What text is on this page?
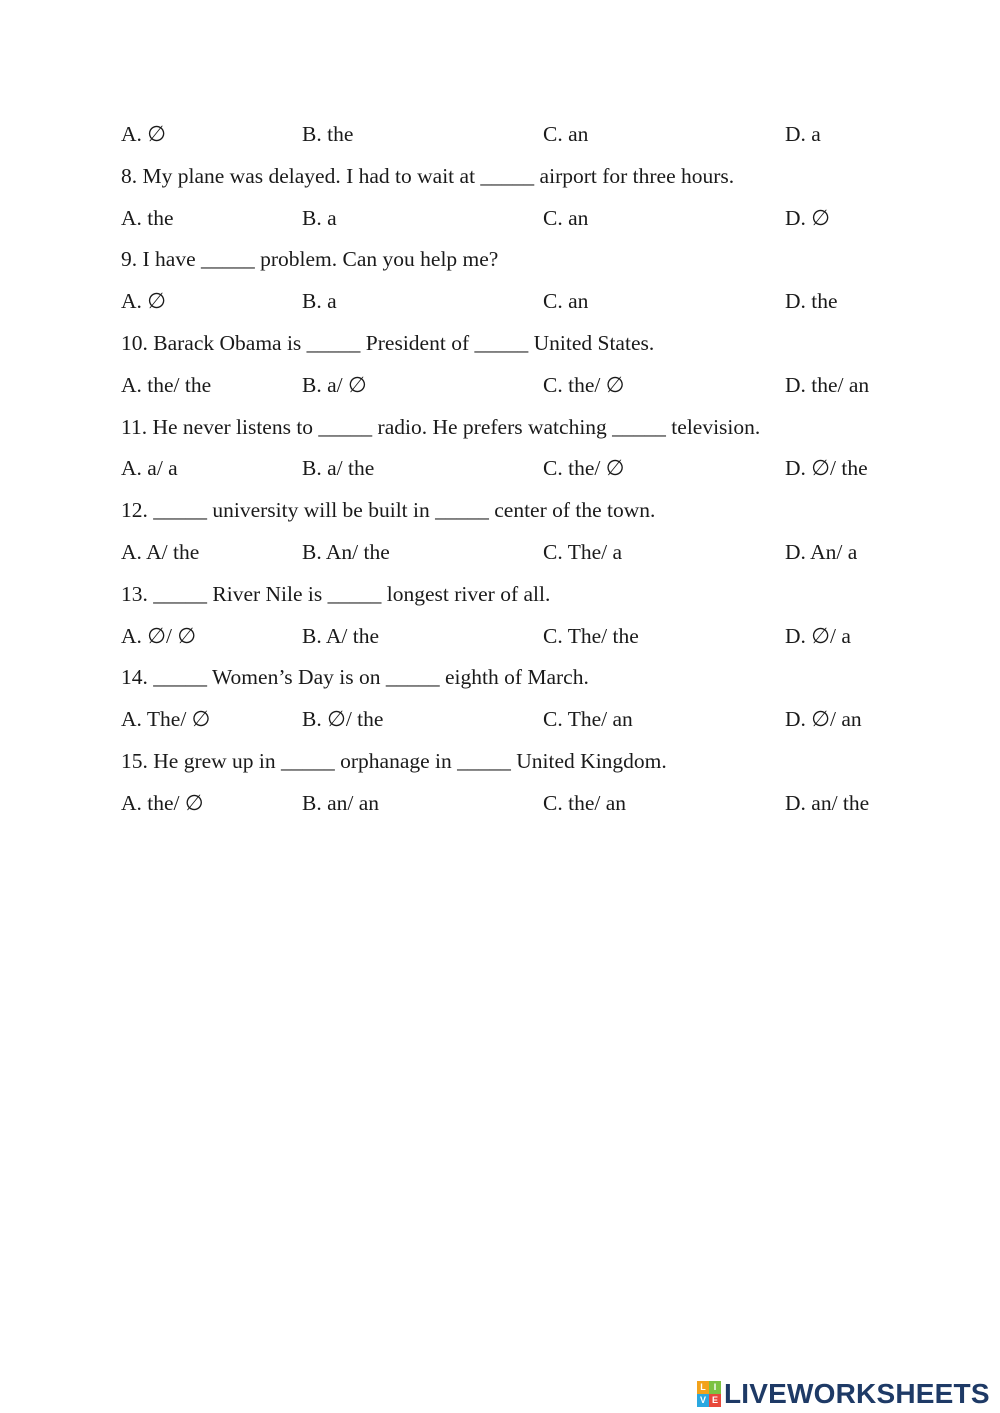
A. ∅	B. the	C. an	D. a
8. My plane was delayed. I had to wait at _____ airport for three hours.
A. the	B. a	C. an	D. ∅
9. I have _____ problem. Can you help me?
A. ∅	B. a	C. an	D. the
10. Barack Obama is _____ President of _____ United States.
A. the/ the	B. a/ ∅	C. the/ ∅	D. the/ an
11. He never listens to _____ radio. He prefers watching _____ television.
A. a/ a	B. a/ the	C. the/ ∅	D. ∅/ the
12. _____ university will be built in _____ center of the town.
A. A/ the	B. An/ the	C. The/ a	D. An/ a
13. _____ River Nile is _____ longest river of all.
A. ∅/ ∅	B. A/ the	C. The/ the	D. ∅/ a
14. _____ Women’s Day is on _____ eighth of March.
A. The/ ∅	B. ∅/ the	C. The/ an	D. ∅/ an
15. He grew up in _____ orphanage in _____ United Kingdom.
A. the/ ∅	B. an/ an	C. the/ an	D. an/ the
L I
V E LIVEWORKSHEETS
